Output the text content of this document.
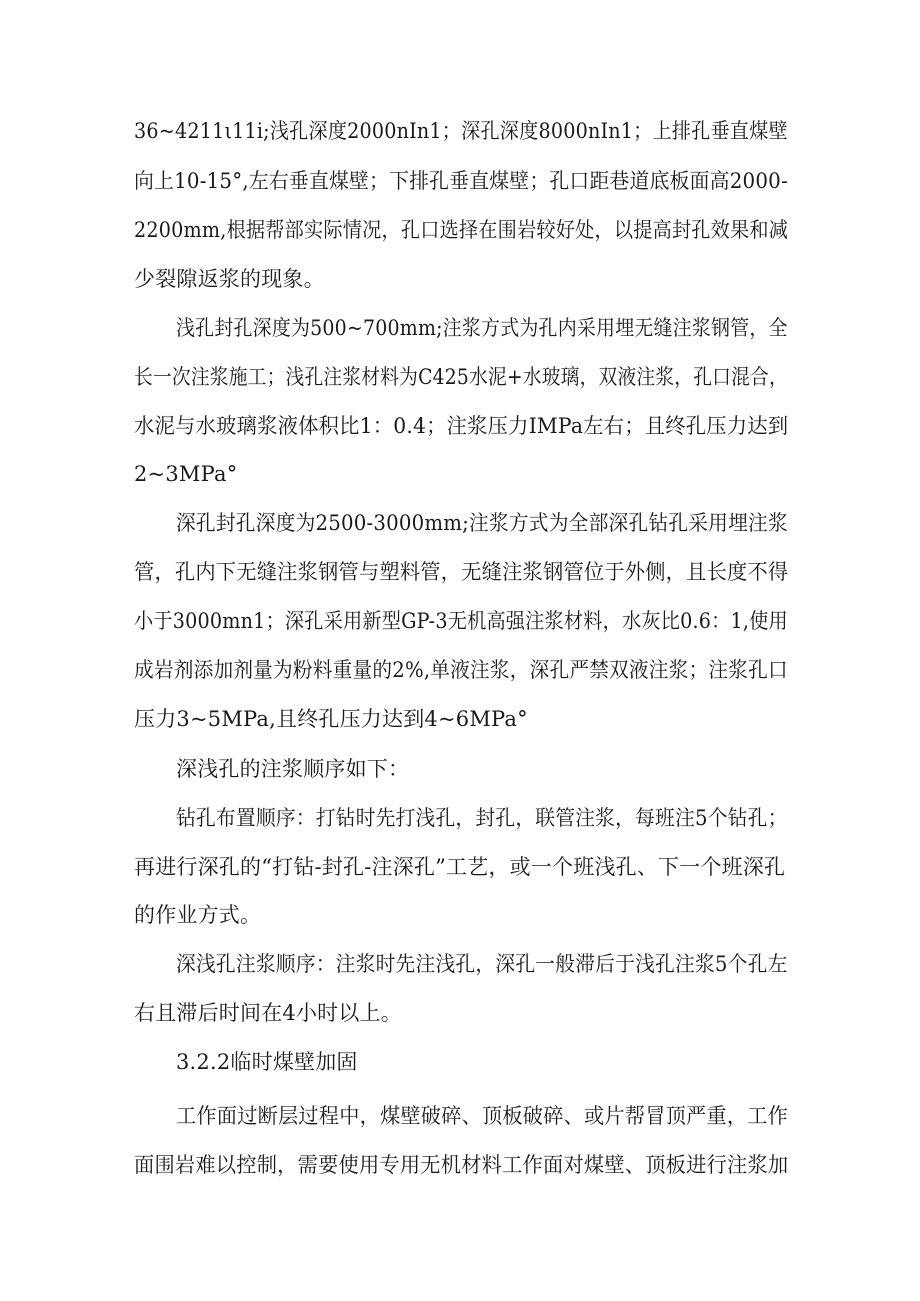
36~4211ι11i;浅孔深度2000nIn1；深孔深度8000nIn1；上排孔垂直煤壁
向上10-15°,左右垂直煤壁；下排孔垂直煤壁；孔口距巷道底板面高2000-
2200mm,根据帮部实际情况，孔口选择在围岩较好处，以提高封孔效果和减
少裂隙返浆的现象。
浅孔封孔深度为500~700mm;注浆方式为孔内采用埋无缝注浆钢管，全
长一次注浆施工；浅孔注浆材料为C425水泥+水玻璃，双液注浆，孔口混合，
水泥与水玻璃浆液体积比1：0.4；注浆压力IMPa左右；且终孔压力达到
2~3MPa°
深孔封孔深度为2500-3000mm;注浆方式为全部深孔钻孔采用埋注浆
管，孔内下无缝注浆钢管与塑料管，无缝注浆钢管位于外侧，且长度不得
小于3000mn1；深孔采用新型GP-3无机高强注浆材料，水灰比0.6：1,使用
成岩剂添加剂量为粉料重量的2%,单液注浆，深孔严禁双液注浆；注浆孔口
压力3~5MPa,且终孔压力达到4~6MPa°
深浅孔的注浆顺序如下：
钻孔布置顺序：打钻时先打浅孔，封孔，联管注浆，每班注5个钻孔；
再进行深孔的“打钻-封孔-注深孔”工艺，或一个班浅孔、下一个班深孔
的作业方式。
深浅孔注浆顺序：注浆时先注浅孔，深孔一般滞后于浅孔注浆5个孔左
右且滞后时间在4小时以上。
3.2.2临时煤壁加固
工作面过断层过程中，煤壁破碎、顶板破碎、或片帮冒顶严重，工作
面围岩难以控制，需要使用专用无机材料工作面对煤壁、顶板进行注浆加
